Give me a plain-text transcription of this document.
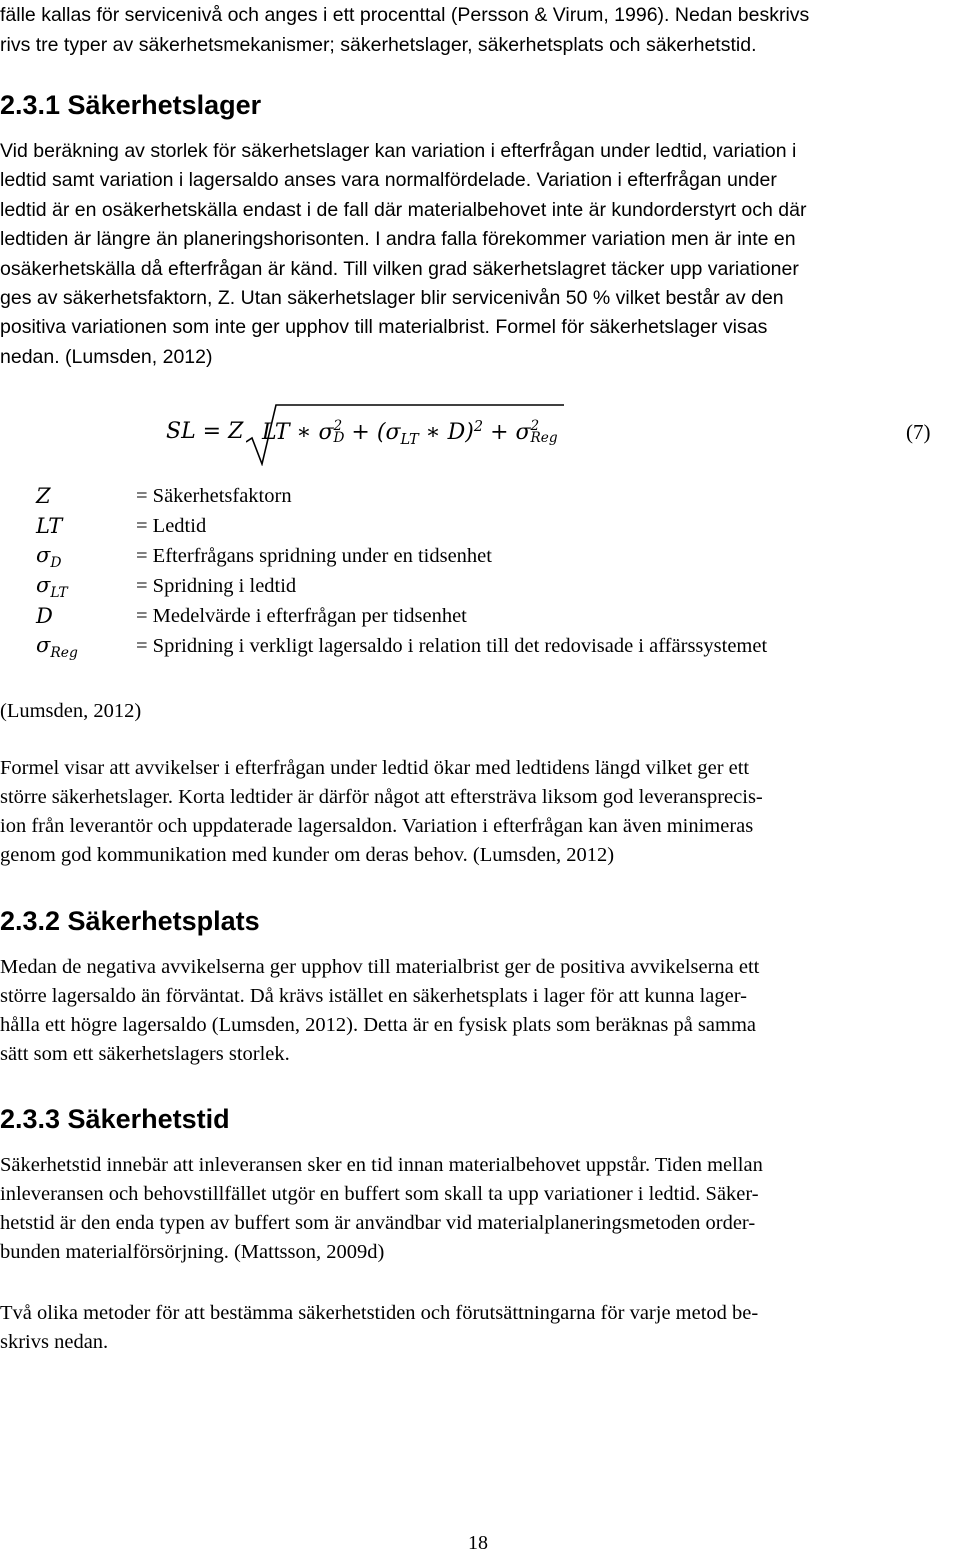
fälle kallas för servicenivå och anges i ett procenttal (Persson & Virum, 1996). Nedan beskrivs
rivs tre typer av säkerhetsmekanismer; säkerhetslager, säkerhetsplats och säkerhetstid.

2.3.1 Säkerhetslager

Vid beräkning av storlek för säkerhetslager kan variation i efterfrågan under ledtid, variation i
ledtid samt variation i lagersaldo anses vara normalfördelade. Variation i efterfrågan under
ledtid är en osäkerhetskälla endast i de fall där materialbehovet inte är kundorderstyrt och där
ledtiden är längre än planeringshorisonten. I andra falla förekommer variation men är inte en
osäkerhetskälla då efterfrågan är känd. Till vilken grad säkerhetslagret täcker upp variationer
ges av säkerhetsfaktorn, Z. Utan säkerhetslager blir servicenivån 50 % vilket består av den
positiva variationen som inte ger upphov till materialbrist. Formel för säkerhetslager visas
nedan. (Lumsden, 2012)

SL = Z LT ∗ σ 2
$D + (\sigma_{LT}$ ∗ D)$^2$ + σ 2
Reg	(7)
Z	= Säkerhetsfaktorn
LT	= Ledtid
$\sigma_D$	= Efterfrågans spridning under en tidsenhet
$\sigma_{LT}$	= Spridning i ledtid
D	= Medelvärde i efterfrågan per tidsenhet
$\sigma_{Reg}$	= Spridning i verkligt lagersaldo i relation till det redovisade i affärssystemet
(Lumsden, 2012)

Formel visar att avvikelser i efterfrågan under ledtid ökar med ledtidens längd vilket ger ett
större säkerhetslager. Korta ledtider är därför något att eftersträva liksom god leveransprecis-
ion från leverantör och uppdaterade lagersaldon. Variation i efterfrågan kan även minimeras
genom god kommunikation med kunder om deras behov. (Lumsden, 2012)

2.3.2 Säkerhetsplats

Medan de negativa avvikelserna ger upphov till materialbrist ger de positiva avvikelserna ett
större lagersaldo än förväntat. Då krävs istället en säkerhetsplats i lager för att kunna lager-
hålla ett högre lagersaldo (Lumsden, 2012). Detta är en fysisk plats som beräknas på samma
sätt som ett säkerhetslagers storlek.

2.3.3 Säkerhetstid

Säkerhetstid innebär att inleveransen sker en tid innan materialbehovet uppstår. Tiden mellan
inleveransen och behovstillfället utgör en buffert som skall ta upp variationer i ledtid. Säker-
hetstid är den enda typen av buffert som är användbar vid materialplaneringsmetoden order-
bunden materialförsörjning. (Mattsson, 2009d)

Två olika metoder för att bestämma säkerhetstiden och förutsättningarna för varje metod be-
skrivs nedan.

18
